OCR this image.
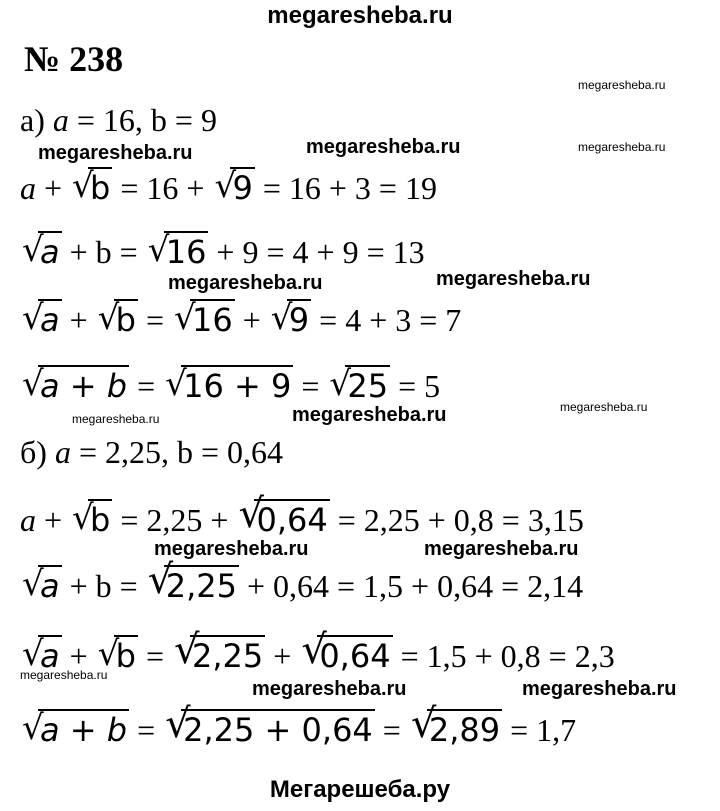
megaresheba.ru
megaresheba.ru
megaresheba.ru
megaresheba.ru	megaresheba.ru
megaresheba.ru	megaresheba.ru
megaresheba.ru	megaresheba.ru	megaresheba.ru
megaresheba.ru	megaresheba.ru
megaresheba.ru
megaresheba.ru	megaresheba.ru
Мегарешеба.ру
№ 238
а) a = 16, b = 9
a + √
b = 16 + √
9 = 16 + 3 = 19
√
a + b = √
16 + 9 = 4 + 9 = 13
√
a + √
b = √
16 + √
9 = 4 + 3 = 7
√
a + b = √
16 + 9 = √
25 = 5
б) a = 2,25, b = 0,64
a + √
b = 2,25 + √
0,64 = 2,25 + 0,8 = 3,15
√
a + b = √
2,25 + 0,64 = 1,5 + 0,64 = 2,14
√
a + √
b = √
2,25 + √
0,64 = 1,5 + 0,8 = 2,3
√
a + b = √
2,25 + 0,64 = √
2,89 = 1,7
